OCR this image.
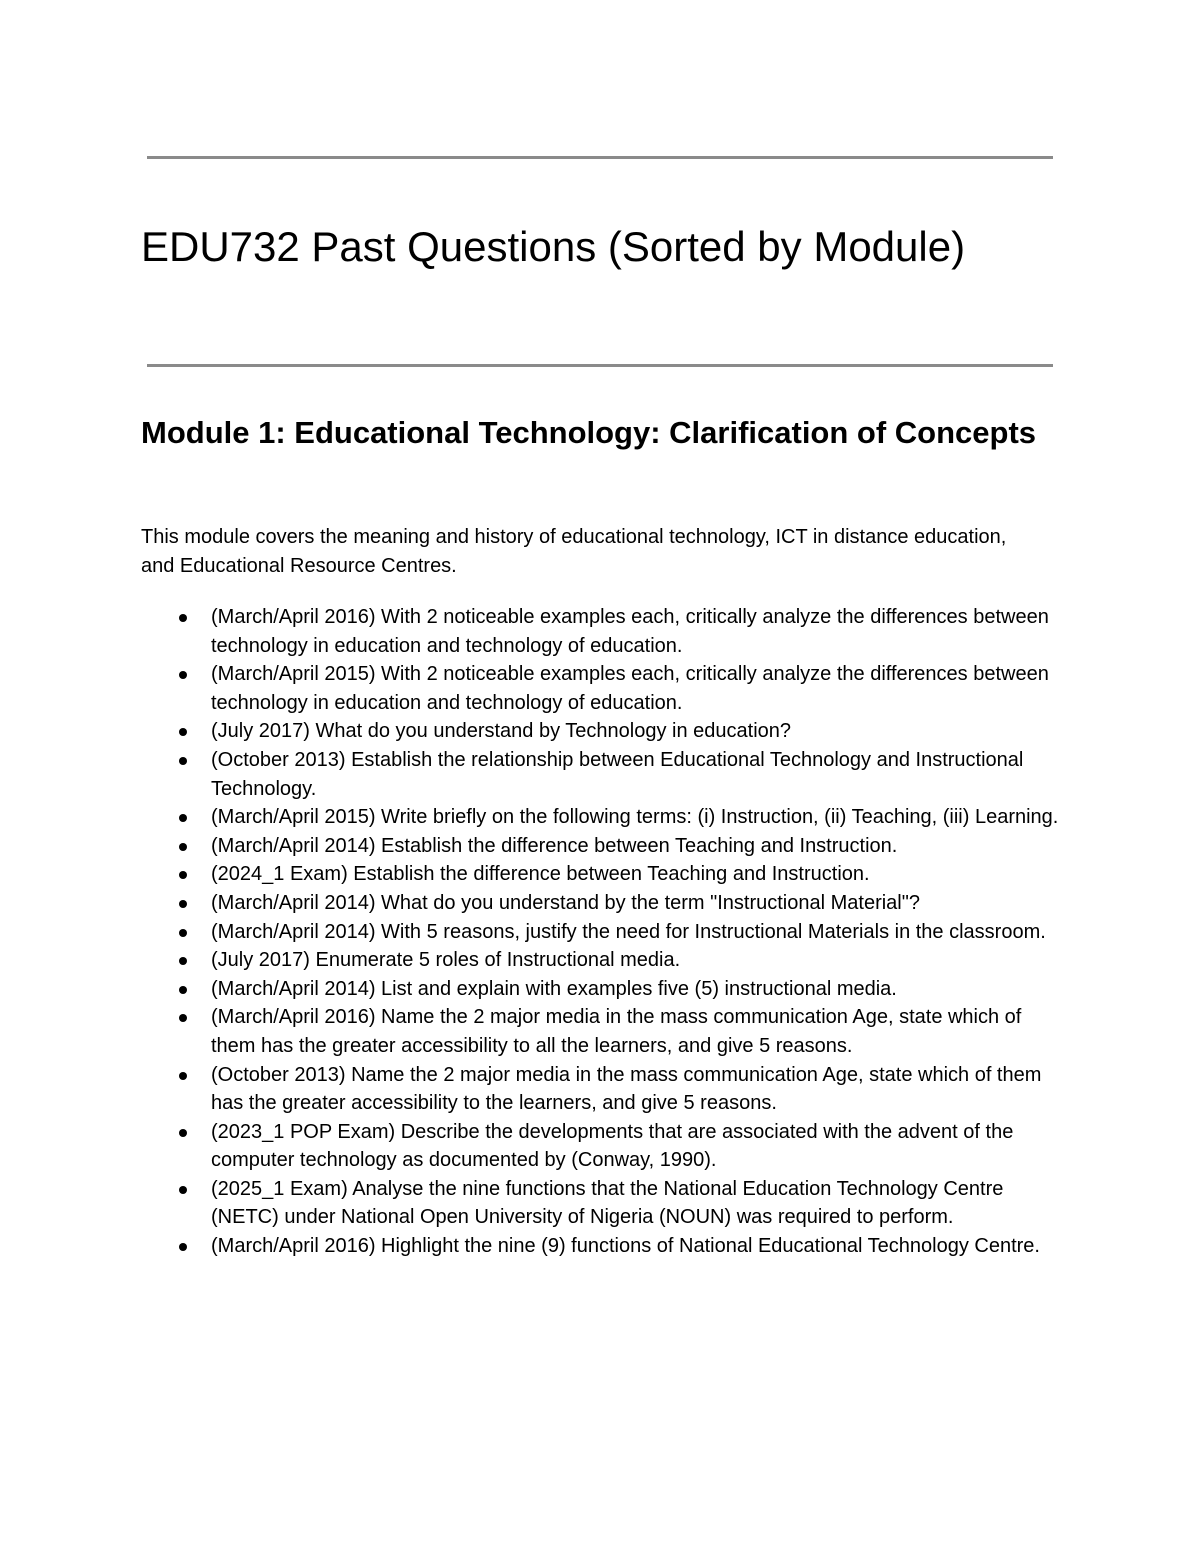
EDU732 Past Questions (Sorted by Module)
Module 1: Educational Technology: Clarification of Concepts

This module covers the meaning and history of educational technology, ICT in distance education, and Educational Resource Centres.

(March/April 2016) With 2 noticeable examples each, critically analyze the differences between technology in education and technology of education.
(March/April 2015) With 2 noticeable examples each, critically analyze the differences between technology in education and technology of education.
(July 2017) What do you understand by Technology in education?
(October 2013) Establish the relationship between Educational Technology and Instructional Technology.
(March/April 2015) Write briefly on the following terms: (i) Instruction, (ii) Teaching, (iii) Learning.
(March/April 2014) Establish the difference between Teaching and Instruction.
(2024_1 Exam) Establish the difference between Teaching and Instruction.
(March/April 2014) What do you understand by the term "Instructional Material"?
(March/April 2014) With 5 reasons, justify the need for Instructional Materials in the classroom.
(July 2017) Enumerate 5 roles of Instructional media.
(March/April 2014) List and explain with examples five (5) instructional media.
(March/April 2016) Name the 2 major media in the mass communication Age, state which of them has the greater accessibility to all the learners, and give 5 reasons.
(October 2013) Name the 2 major media in the mass communication Age, state which of them has the greater accessibility to the learners, and give 5 reasons.
(2023_1 POP Exam) Describe the developments that are associated with the advent of the computer technology as documented by (Conway, 1990).
(2025_1 Exam) Analyse the nine functions that the National Education Technology Centre (NETC) under National Open University of Nigeria (NOUN) was required to perform.
(March/April 2016) Highlight the nine (9) functions of National Educational Technology Centre.
